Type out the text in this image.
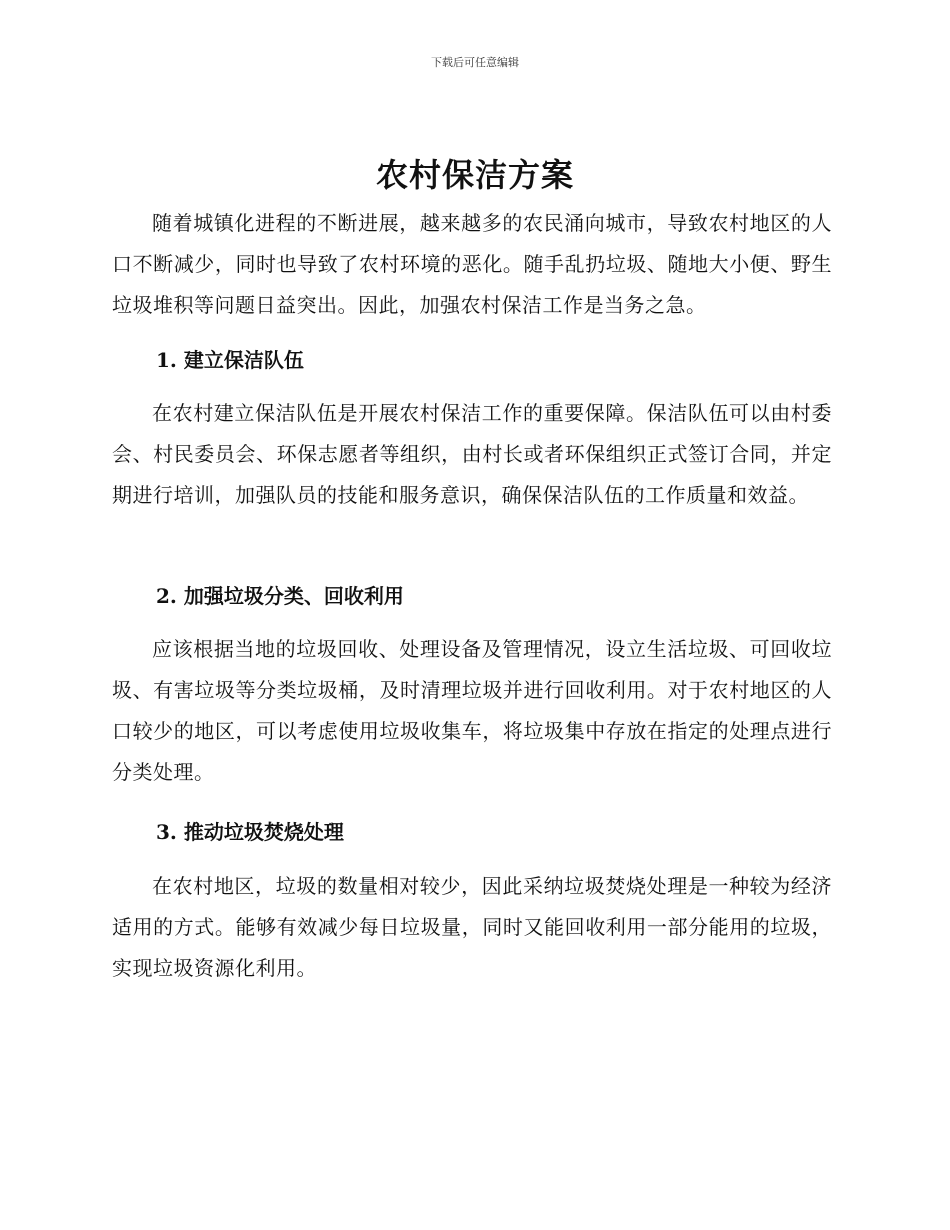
下载后可任意编辑
农村保洁方案

随着城镇化进程的不断进展，越来越多的农民涌向城市，导致农村地区的人口不断减少，同时也导致了农村环境的恶化。随手乱扔垃圾、随地大小便、野生垃圾堆积等问题日益突出。因此，加强农村保洁工作是当务之急。

1. 建立保洁队伍

在农村建立保洁队伍是开展农村保洁工作的重要保障。保洁队伍可以由村委会、村民委员会、环保志愿者等组织，由村长或者环保组织正式签订合同，并定期进行培训，加强队员的技能和服务意识，确保保洁队伍的工作质量和效益。

2. 加强垃圾分类、回收利用

应该根据当地的垃圾回收、处理设备及管理情况，设立生活垃圾、可回收垃圾、有害垃圾等分类垃圾桶，及时清理垃圾并进行回收利用。对于农村地区的人口较少的地区，可以考虑使用垃圾收集车，将垃圾集中存放在指定的处理点进行分类处理。

3. 推动垃圾焚烧处理

在农村地区，垃圾的数量相对较少，因此采纳垃圾焚烧处理是一种较为经济适用的方式。能够有效减少每日垃圾量，同时又能回收利用一部分能用的垃圾，实现垃圾资源化利用。
